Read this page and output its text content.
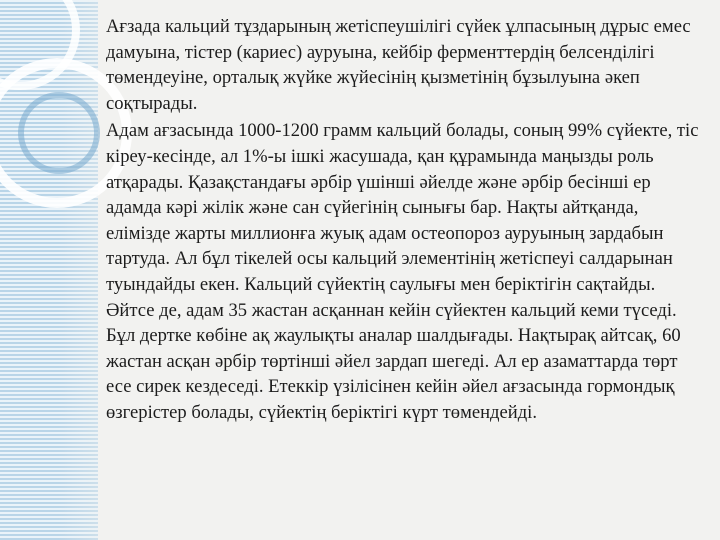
Ағзада кальций тұздарының жетіспеушілігі сүйек ұлпасының дұрыс емес дамуына, тістер (кариес) ауруына, кейбір ферменттердің белсенділігі төмендеуіне, орталық жүйке жүйесінің қызметінің бұзылуына әкеп соқтырады.

Адам ағзасында 1000-1200 грамм кальций болады, соның 99% сүйекте, тіс кіреу-кесіндe, ал 1%-ы ішкі жасушада, қан құрамында маңызды роль атқарады. Қазақстандағы әрбір үшінші әйелде және әрбір бесінші ер адамда кәрі жілік және сан сүйегінің сынығы бар. Нақты айтқанда, елімізде жарты миллионға жуық адам остеопороз ауруының зардабын тартуда. Ал бұл тікелей осы кальций элементінің жетіспеуі салдарынан туындайды екен. Кальций сүйектің саулығы мен беріктігін сақтайды. Әйтсе де, адам 35 жастан асқаннан кейін сүйектен кальций кеми түседі. Бұл дертке көбіне ақ жаулықты аналар шалдығады. Нақтырақ айтсақ, 60 жастан асқан әрбір төртінші әйел зардап шегеді. Ал ер азаматтарда төрт есе сирек кездеседі. Етеккір үзілісінен кейін әйел ағзасында гормондық өзгерістер болады, сүйектің беріктігі күрт төмендейді.
